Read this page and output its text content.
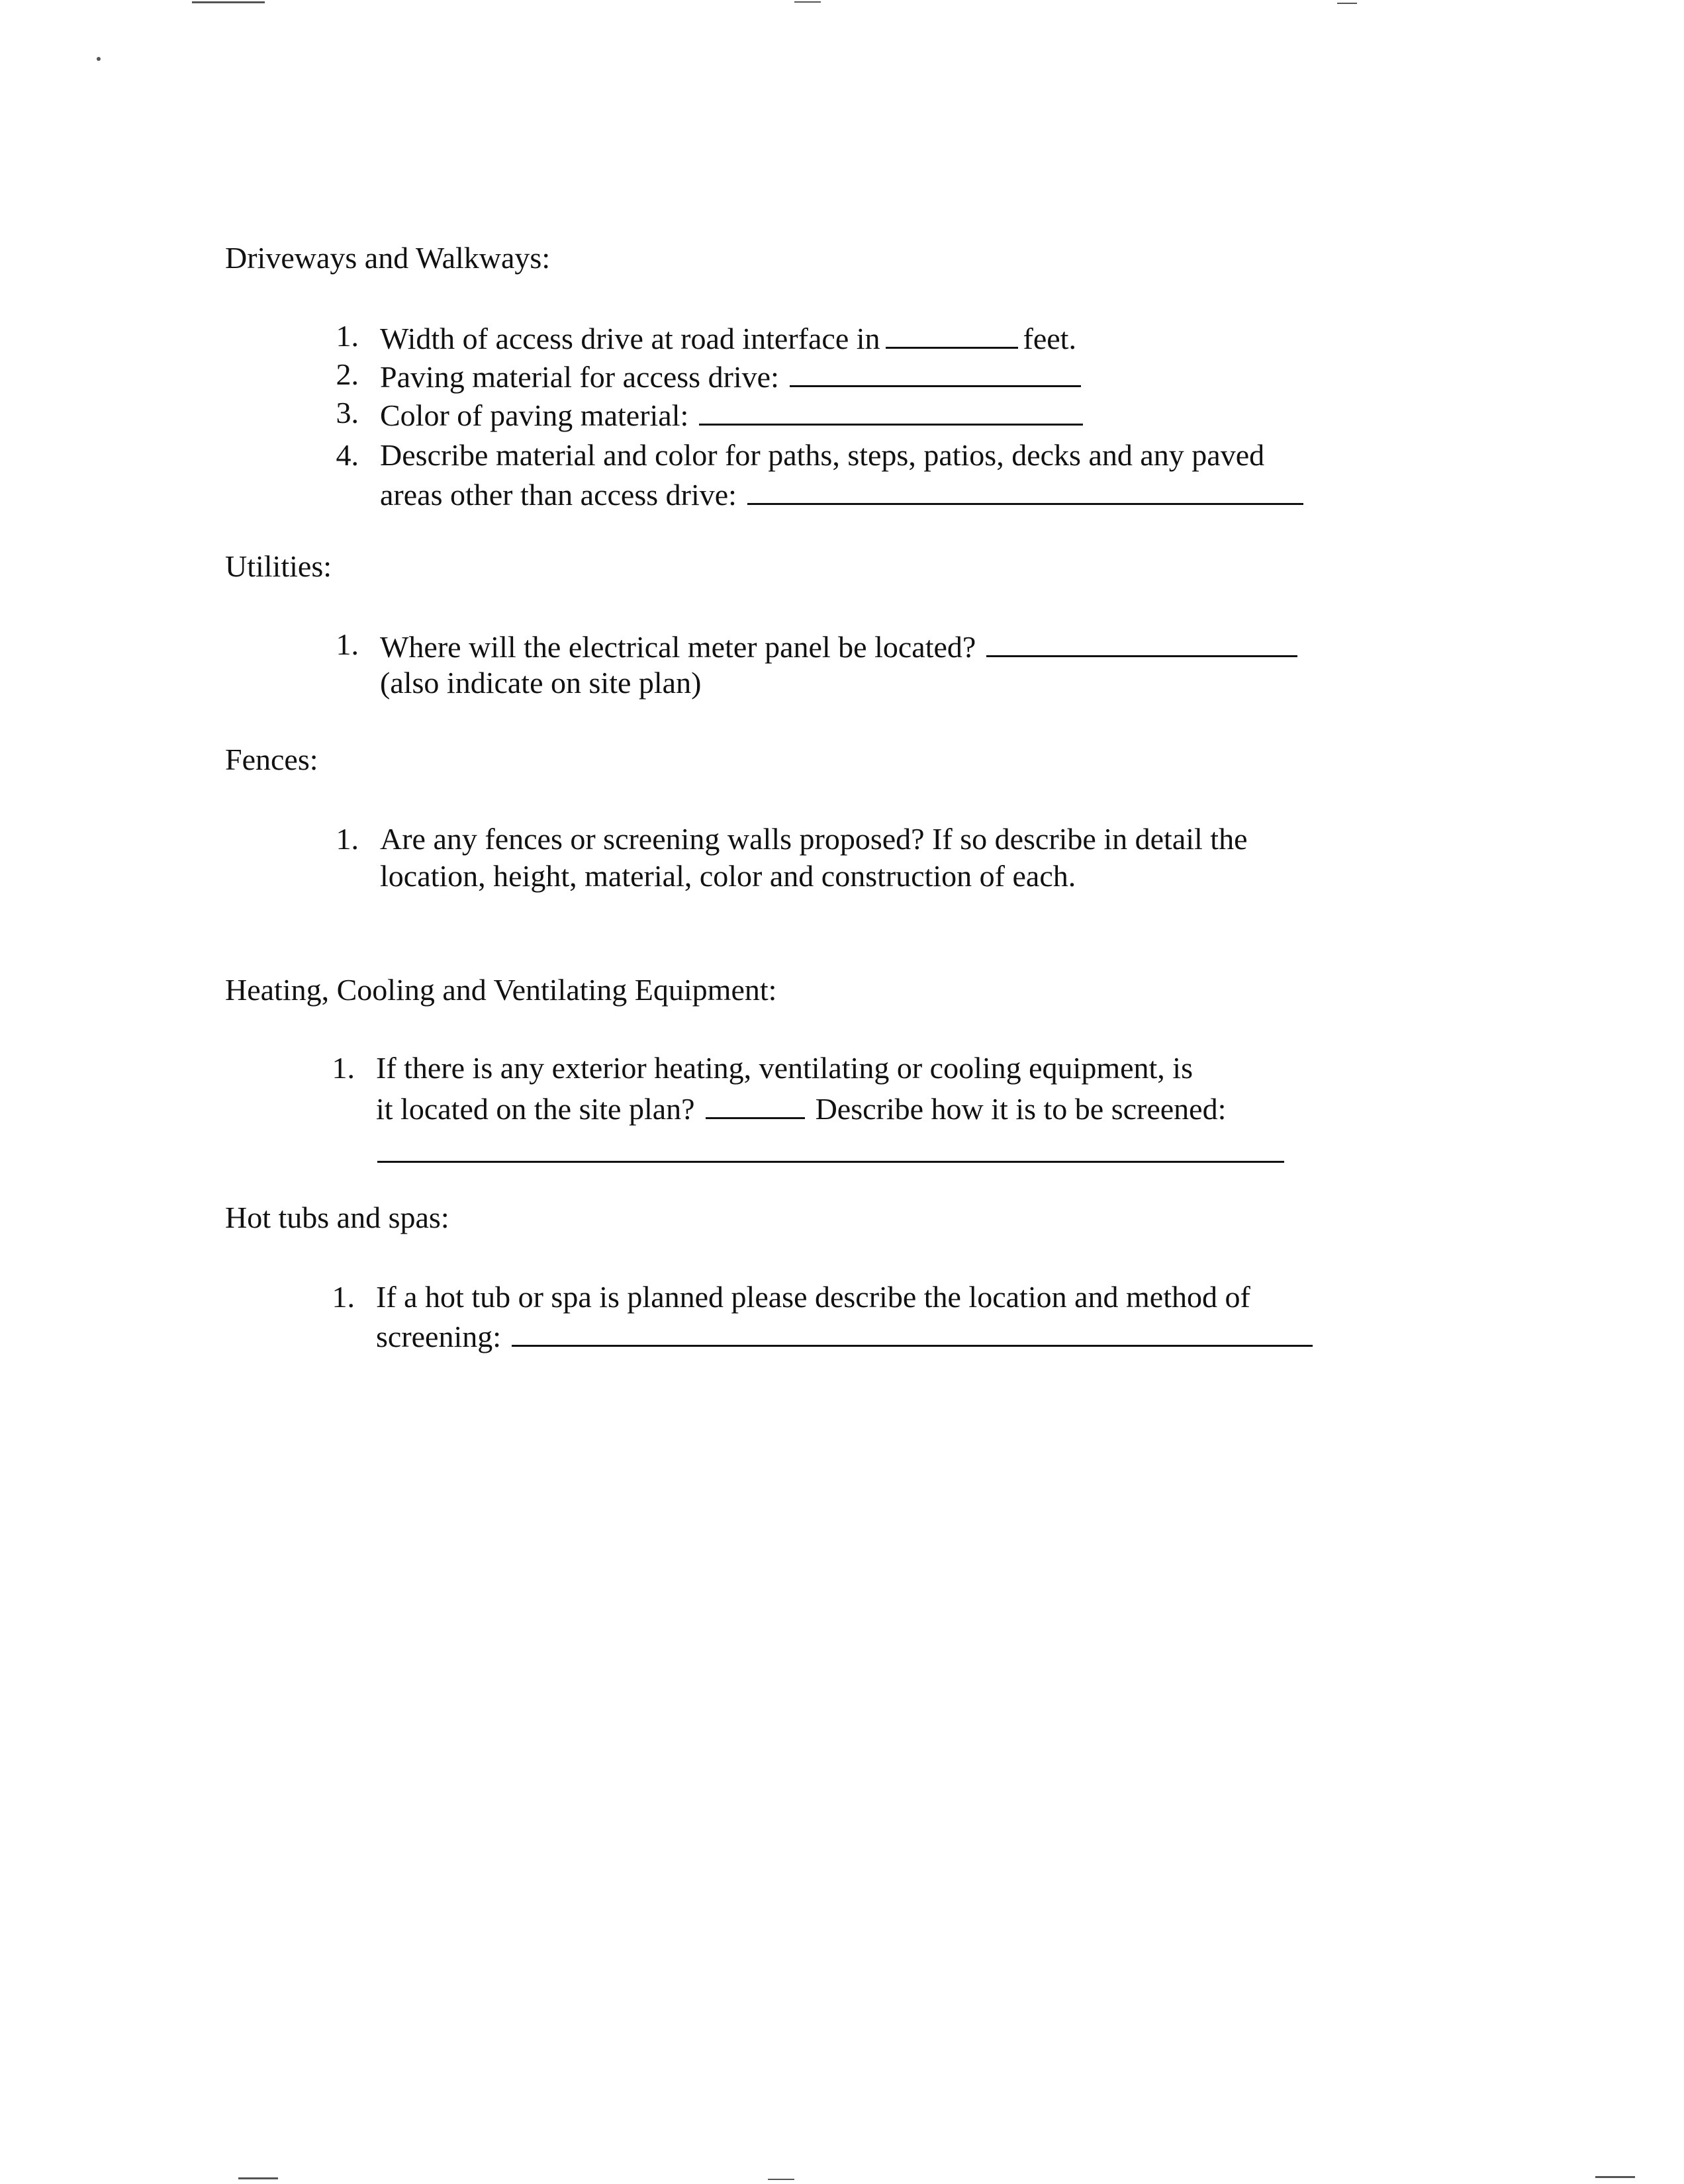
Driveways and Walkways:
1. Width of access drive at road interface in	feet.
2. Paving material for access drive:
3. Color of paving material:
4. Describe material and color for paths, steps, patios, decks and any paved
areas other than access drive:
Utilities:
1. Where will the electrical meter panel be located?
(also indicate on site plan)
Fences:
1. Are any fences or screening walls proposed? If so describe in detail the
location, height, material, color and construction of each.
Heating, Cooling and Ventilating Equipment:
1. If there is any exterior heating, ventilating or cooling equipment, is
it located on the site plan?	Describe how it is to be screened:
Hot tubs and spas:
1. If a hot tub or spa is planned please describe the location and method of
screening:
